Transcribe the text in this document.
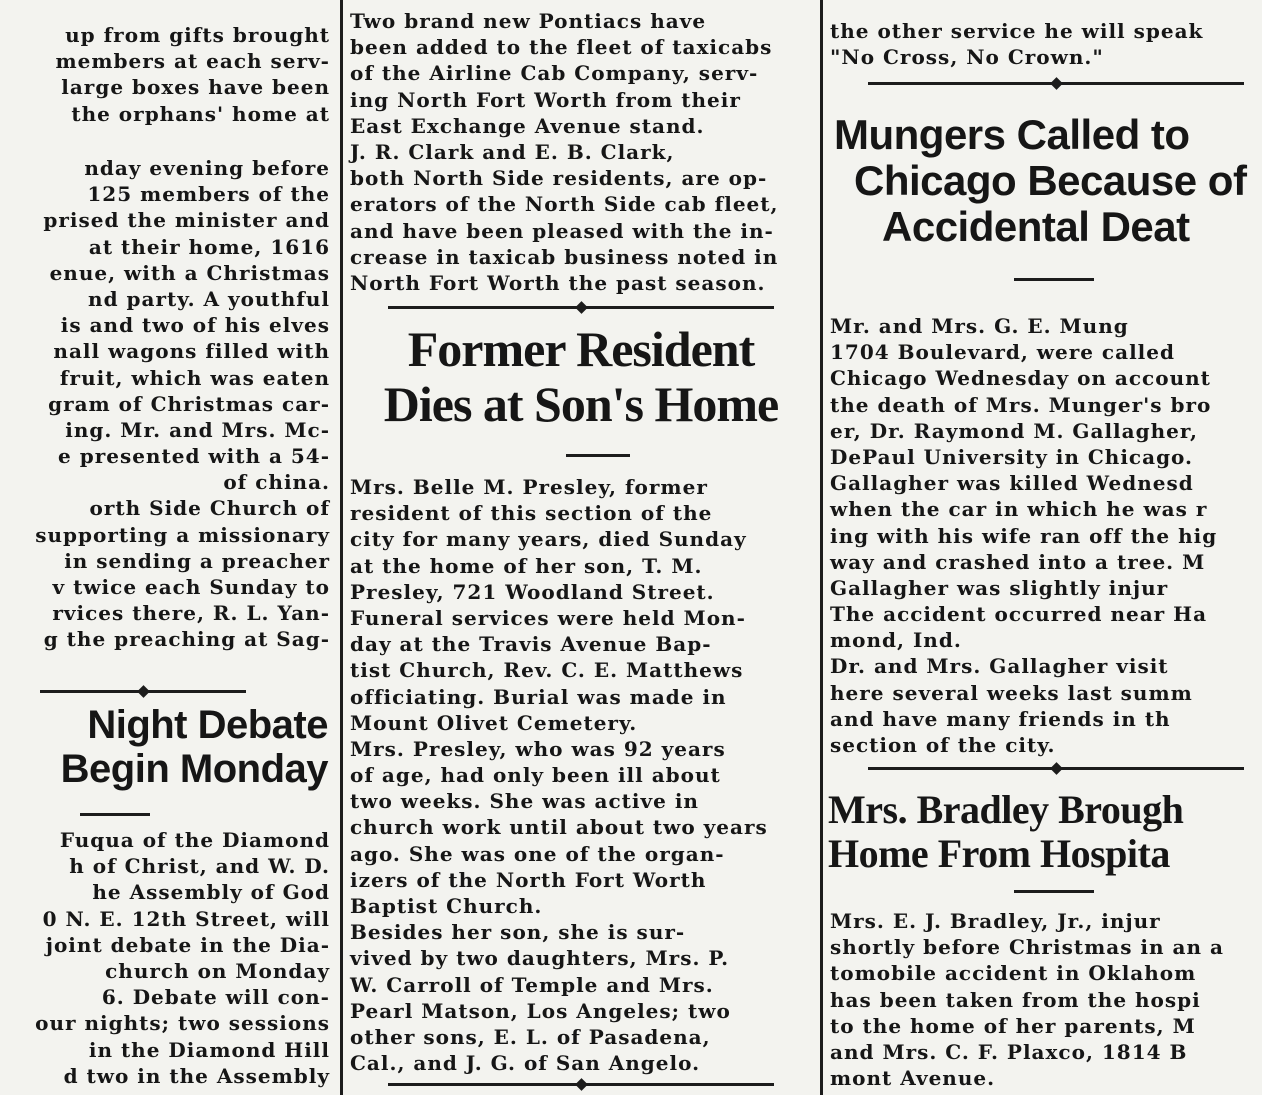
up from gifts brought
members at each serv-
large boxes have been
the orphans' home at
nday evening before
125 members of the
prised the minister and
at their home, 1616
enue, with a Christmas
nd party. A youthful
is and two of his elves
nall wagons filled with
fruit, which was eaten
gram of Christmas car-
ing. Mr. and Mrs. Mc-
e presented with a 54-
of china.
orth Side Church of
supporting a missionary
in sending a preacher
v twice each Sunday to
rvices there, R. L. Yan-
g the preaching at Sag-
Night Debate
Begin Monday
Fuqua of the Diamond
h of Christ, and W. D.
he Assembly of God
0 N. E. 12th Street, will
joint debate in the Dia-
church on Monday
6. Debate will con-
our nights; two sessions
in the Diamond Hill
d two in the Assembly
Two brand new Pontiacs have
been added to the fleet of taxicabs
of the Airline Cab Company, serv-
ing North Fort Worth from their
East Exchange Avenue stand.
J. R. Clark and E. B. Clark,
both North Side residents, are op-
erators of the North Side cab fleet,
and have been pleased with the in-
crease in taxicab business noted in
North Fort Worth the past season.
Former Resident
Dies at Son's Home
Mrs. Belle M. Presley, former
resident of this section of the
city for many years, died Sunday
at the home of her son, T. M.
Presley, 721 Woodland Street.
Funeral services were held Mon-
day at the Travis Avenue Bap-
tist Church, Rev. C. E. Matthews
officiating. Burial was made in
Mount Olivet Cemetery.
Mrs. Presley, who was 92 years
of age, had only been ill about
two weeks. She was active in
church work until about two years
ago. She was one of the organ-
izers of the North Fort Worth
Baptist Church.
Besides her son, she is sur-
vived by two daughters, Mrs. P.
W. Carroll of Temple and Mrs.
Pearl Matson, Los Angeles; two
other sons, E. L. of Pasadena,
Cal., and J. G. of San Angelo.
the other service he will speak
"No Cross, No Crown."
Mungers Called to
Chicago Because of
Accidental Deat
Mr. and Mrs. G. E. Mung
1704 Boulevard, were called
Chicago Wednesday on account
the death of Mrs. Munger's bro
er, Dr. Raymond M. Gallagher,
DePaul University in Chicago.
Gallagher was killed Wednesd
when the car in which he was r
ing with his wife ran off the hig
way and crashed into a tree. M
Gallagher was slightly injur
The accident occurred near Ha
mond, Ind.
Dr. and Mrs. Gallagher visit
here several weeks last summ
and have many friends in th
section of the city.
Mrs. Bradley Brough
Home From Hospita
Mrs. E. J. Bradley, Jr., injur
shortly before Christmas in an a
tomobile accident in Oklahom
has been taken from the hospi
to the home of her parents, M
and Mrs. C. F. Plaxco, 1814 B
mont Avenue.
